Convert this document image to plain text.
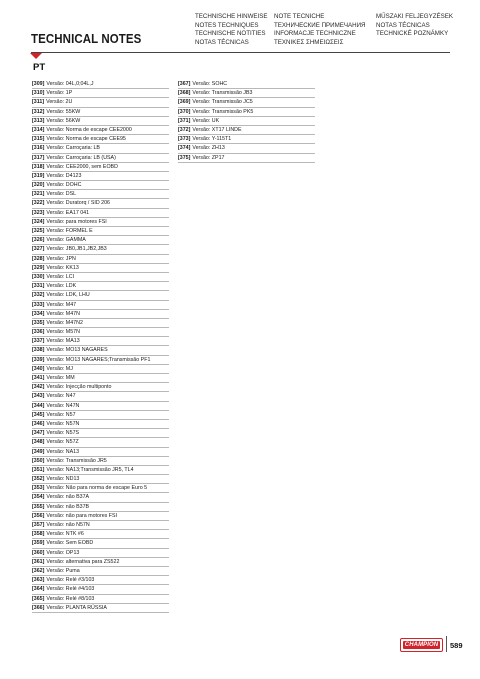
TECHNICAL NOTES
TECHNISCHE HINWEISE
NOTES TECHNIQUES
TECHNISCHE NOTITIES
NOTAS TÉCNICAS
NOTE TECNICHE
ТЕХНИЧЕСКИЕ ПРИМЕЧАНИЯ
INFORMACJE TECHNICZNE
ΤΕΧΝΙΚΕΣ ΣΗΜΕΙΩΣΕΙΣ
MŰSZAKI FELJEGYZÉSEK
NOTAS TÉCNICAS
TECHNICKÉ POZNÁMKY
PT
[309] Versão: 04L,0;04L,J
[310] Versão: 1P
[311] Versão: 2U
[312] Versão: 55KW
[313] Versão: 56KW
[314] Versão: Norma de escape CEE2000
[315] Versão: Norma de escape CEE95
[316] Versão: Carroçaria: LB
[317] Versão: Carroçaria: LB (USA)
[318] Versão: CEE2000, sem EOBD
[319] Versão: D4123
[320] Versão: DOHC
[321] Versão: DSL
[322] Versão: Duratorq / SID 206
[323] Versão: EA17 041
[324] Versão: para motores FSI
[325] Versão: FORMEL E
[326] Versão: GAMMA
[327] Versão: JB0,JB1,JB2,JB3
[328] Versão: JPN
[329] Versão: KK13
[330] Versão: LCI
[331] Versão: LDK
[332] Versão: LDK, LHU
[333] Versão: M47
[334] Versão: M47N
[335] Versão: M47N2
[336] Versão: M57N
[337] Versão: MA13
[338] Versão: MO13 NAGARES
[339] Versão: MO13 NAGARES;Transmissão PF1
[340] Versão: MJ
[341] Versão: MM
[342] Versão: Injecção multiponto
[343] Versão: N47
[344] Versão: N47N
[345] Versão: N57
[346] Versão: N57N
[347] Versão: N57S
[348] Versão: N57Z
[349] Versão: NA13
[350] Versão: Transmissão JR5
[351] Versão: NA13;Transmissão JR5, TL4
[352] Versão: ND13
[353] Versão: Não para norma de escape Euro 5
[354] Versão: não B37A
[355] Versão: não B37B
[356] Versão: não para motores FSI
[357] Versão: não N57N
[358] Versão: NTK #6
[359] Versão: Sem EOBD
[360] Versão: OP13
[361] Versão: alternativa para ZS522
[362] Versão: Puma
[363] Versão: Relé #3/103
[364] Versão: Relé #4/103
[365] Versão: Relé #8/103
[366] Versão: PLANTA RÚSSIA
[367] Versão: SOHC
[368] Versão: Transmissão JB3
[369] Versão: Transmissão JC5
[370] Versão: Transmissão PK5
[371] Versão: UK
[372] Versão: XT17 LINDE
[373] Versão: Y-115T1
[374] Versão: ZH13
[375] Versão: ZP17
CHAMPION 589
